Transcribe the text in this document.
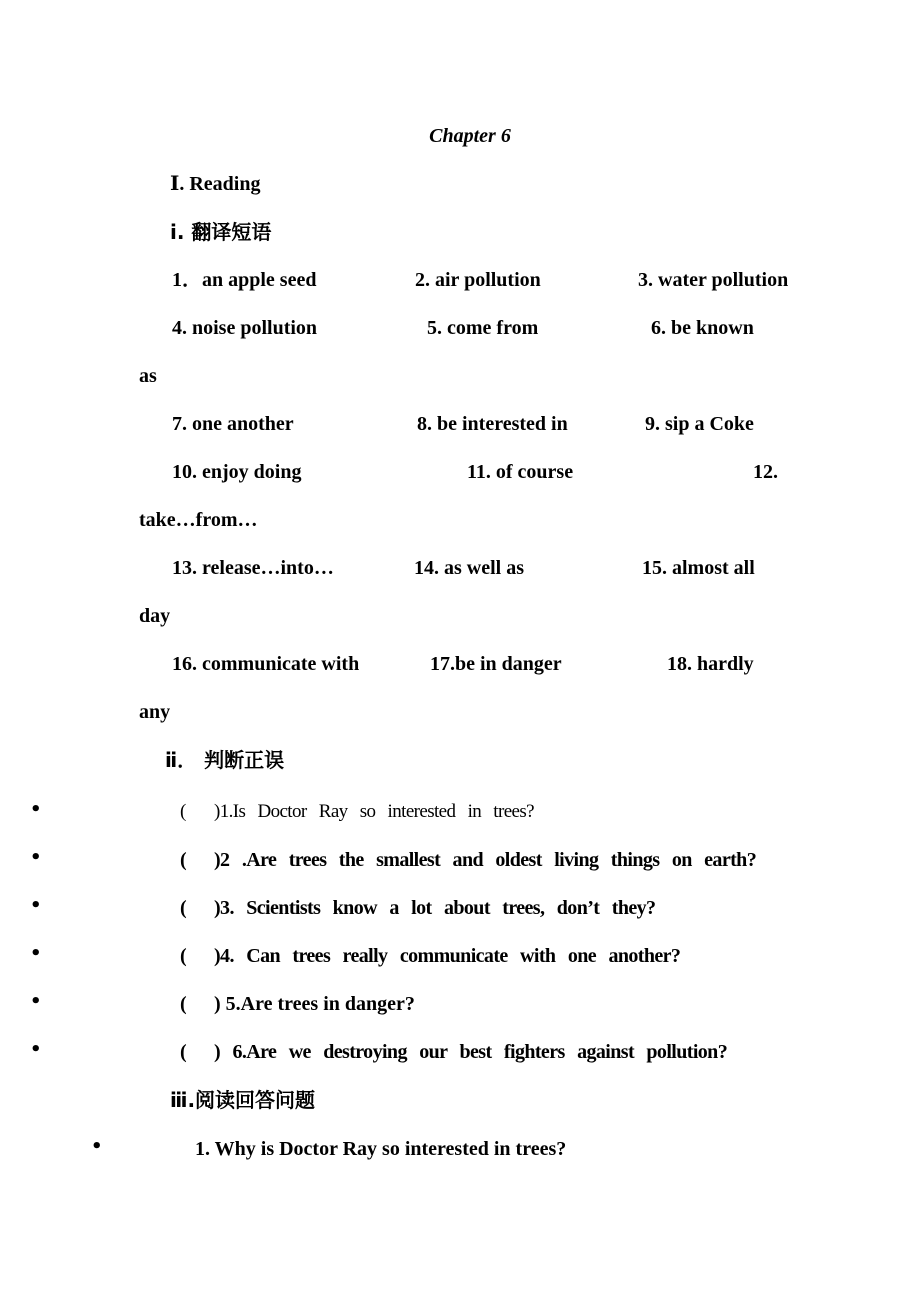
Chapter 6
Ⅰ. Reading
ⅰ. 翻译短语
1．an apple seed	2. air pollution	3. water pollution
4. noise pollution	5. come from	6. be known
as
7. one another	8. be interested in	9. sip a Coke
10. enjoy doing	11. of course	12.
take…from…
13. release…into…	14. as well as	15. almost all
day
16. communicate with	17.be in danger	18. hardly
any
ⅱ． 判断正误
•	( )1.Is Doctor Ray so interested in trees?
•	( )2 .Are trees the smallest and oldest living things on earth?
•	( )3. Scientists know a lot about trees, don’t they?
•	( )4. Can trees really communicate with one another?
•	( ) 5.Are trees in danger?
•	( ) 6.Are we destroying our best fighters against pollution?
ⅲ.阅读回答问题
•	1. Why is Doctor Ray so interested in trees?
